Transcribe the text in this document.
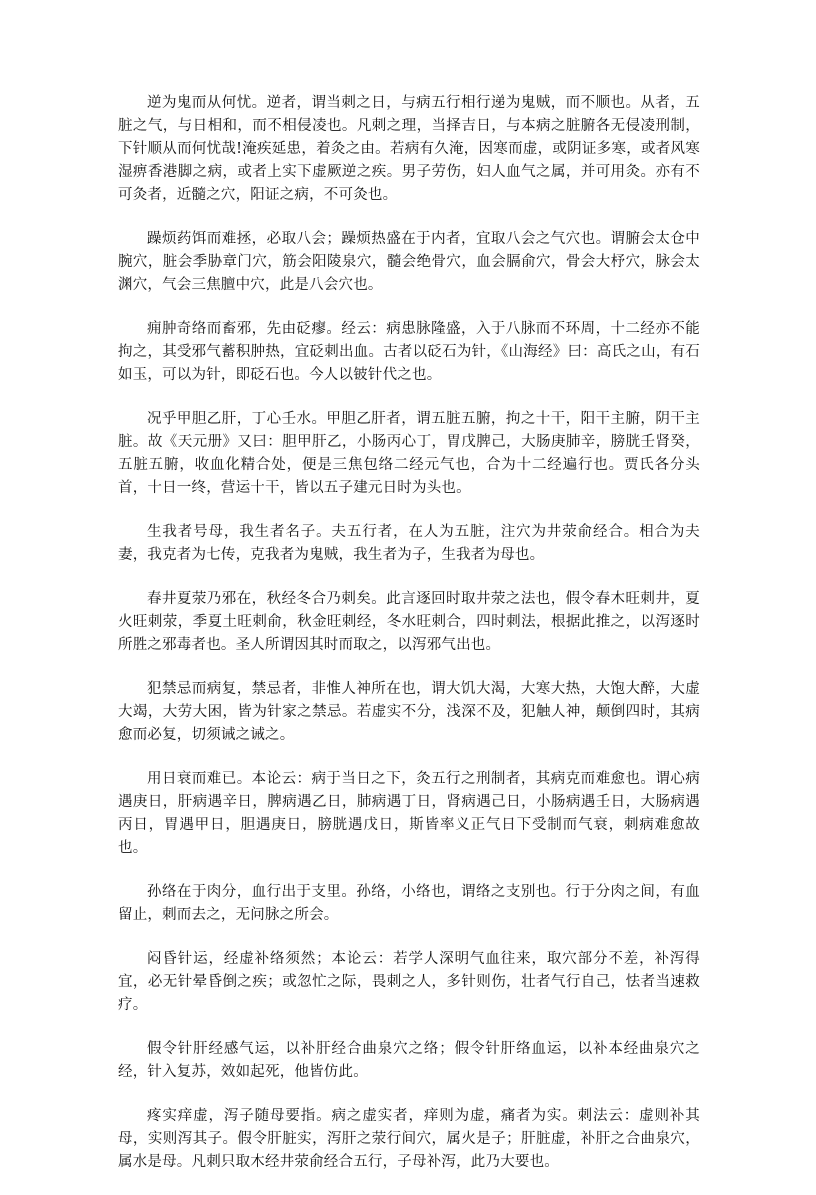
逆为鬼而从何忧。逆者，谓当刺之日，与病五行相行递为鬼贼，而不顺也。从者，五脏之气，与日相和，而不相侵凌也。凡刺之理，当择吉日，与本病之脏腑各无侵凌刑制，下针顺从而何忧哉!淹疾延患，着灸之由。若病有久淹，因寒而虚，或阴证多寒，或者风寒湿痹香港脚之病，或者上实下虚厥逆之疾。男子劳伤，妇人血气之属，并可用灸。亦有不可灸者，近髓之穴，阳证之病，不可灸也。

躁烦药饵而难拯，必取八会；躁烦热盛在于内者，宜取八会之气穴也。谓腑会太仓中腕穴，脏会季胁章门穴，筋会阳陵泉穴，髓会绝骨穴，血会膈俞穴，骨会大杼穴，脉会太渊穴，气会三焦膻中穴，此是八会穴也。

痈肿奇络而畜邪，先由砭瘳。经云：病患脉隆盛，入于八脉而不环周，十二经亦不能拘之，其受邪气蓄积肿热，宜砭刺出血。古者以砭石为针，《山海经》曰：高氏之山，有石如玉，可以为针，即砭石也。今人以铍针代之也。

况乎甲胆乙肝，丁心壬水。甲胆乙肝者，谓五脏五腑，拘之十干，阳干主腑，阴干主脏。故《天元册》又曰：胆甲肝乙，小肠丙心丁，胃戊脾己，大肠庚肺辛，膀胱壬肾癸，五脏五腑，收血化精合处，便是三焦包络二经元气也，合为十二经遍行也。贾氏各分头首，十日一终，营运十干，皆以五子建元日时为头也。

生我者号母，我生者名子。夫五行者，在人为五脏，注穴为井荥俞经合。相合为夫妻，我克者为七传，克我者为鬼贼，我生者为子，生我者为母也。

春井夏荥乃邪在，秋经冬合乃刺矣。此言逐回时取井荥之法也，假令春木旺刺井，夏火旺刺荥，季夏土旺刺俞，秋金旺刺经，冬水旺刺合，四时刺法，根据此推之，以泻逐时所胜之邪毒者也。圣人所谓因其时而取之，以泻邪气出也。

犯禁忌而病复，禁忌者，非惟人神所在也，谓大饥大渴，大寒大热，大饱大醉，大虚大竭，大劳大困，皆为针家之禁忌。若虚实不分，浅深不及，犯触人神，颠倒四时，其病愈而必复，切须诫之诫之。

用日衰而难已。本论云：病于当日之下，灸五行之刑制者，其病克而难愈也。谓心病遇庚日，肝病遇辛日，脾病遇乙日，肺病遇丁日，肾病遇己日，小肠病遇壬日，大肠病遇丙日，胃遇甲日，胆遇庚日，膀胱遇戊日，斯皆率义正气日下受制而气衰，刺病难愈故也。

孙络在于肉分，血行出于支里。孙络，小络也，谓络之支别也。行于分肉之间，有血留止，刺而去之，无问脉之所会。

闷昏针运，经虚补络须然；本论云：若学人深明气血往来，取穴部分不差，补泻得宜，必无针晕昏倒之疾；或忽忙之际，畏刺之人，多针则伤，壮者气行自己，怯者当速救疗。

假令针肝经感气运，以补肝经合曲泉穴之络；假令针肝络血运，以补本经曲泉穴之经，针入复苏，效如起死，他皆仿此。

疼实痒虚，泻子随母要指。病之虚实者，痒则为虚，痛者为实。刺法云：虚则补其母，实则泻其子。假令肝脏实，泻肝之荥行间穴，属火是子；肝脏虚，补肝之合曲泉穴，属水是母。凡刺只取木经井荥俞经合五行，子母补泻，此乃大要也。
